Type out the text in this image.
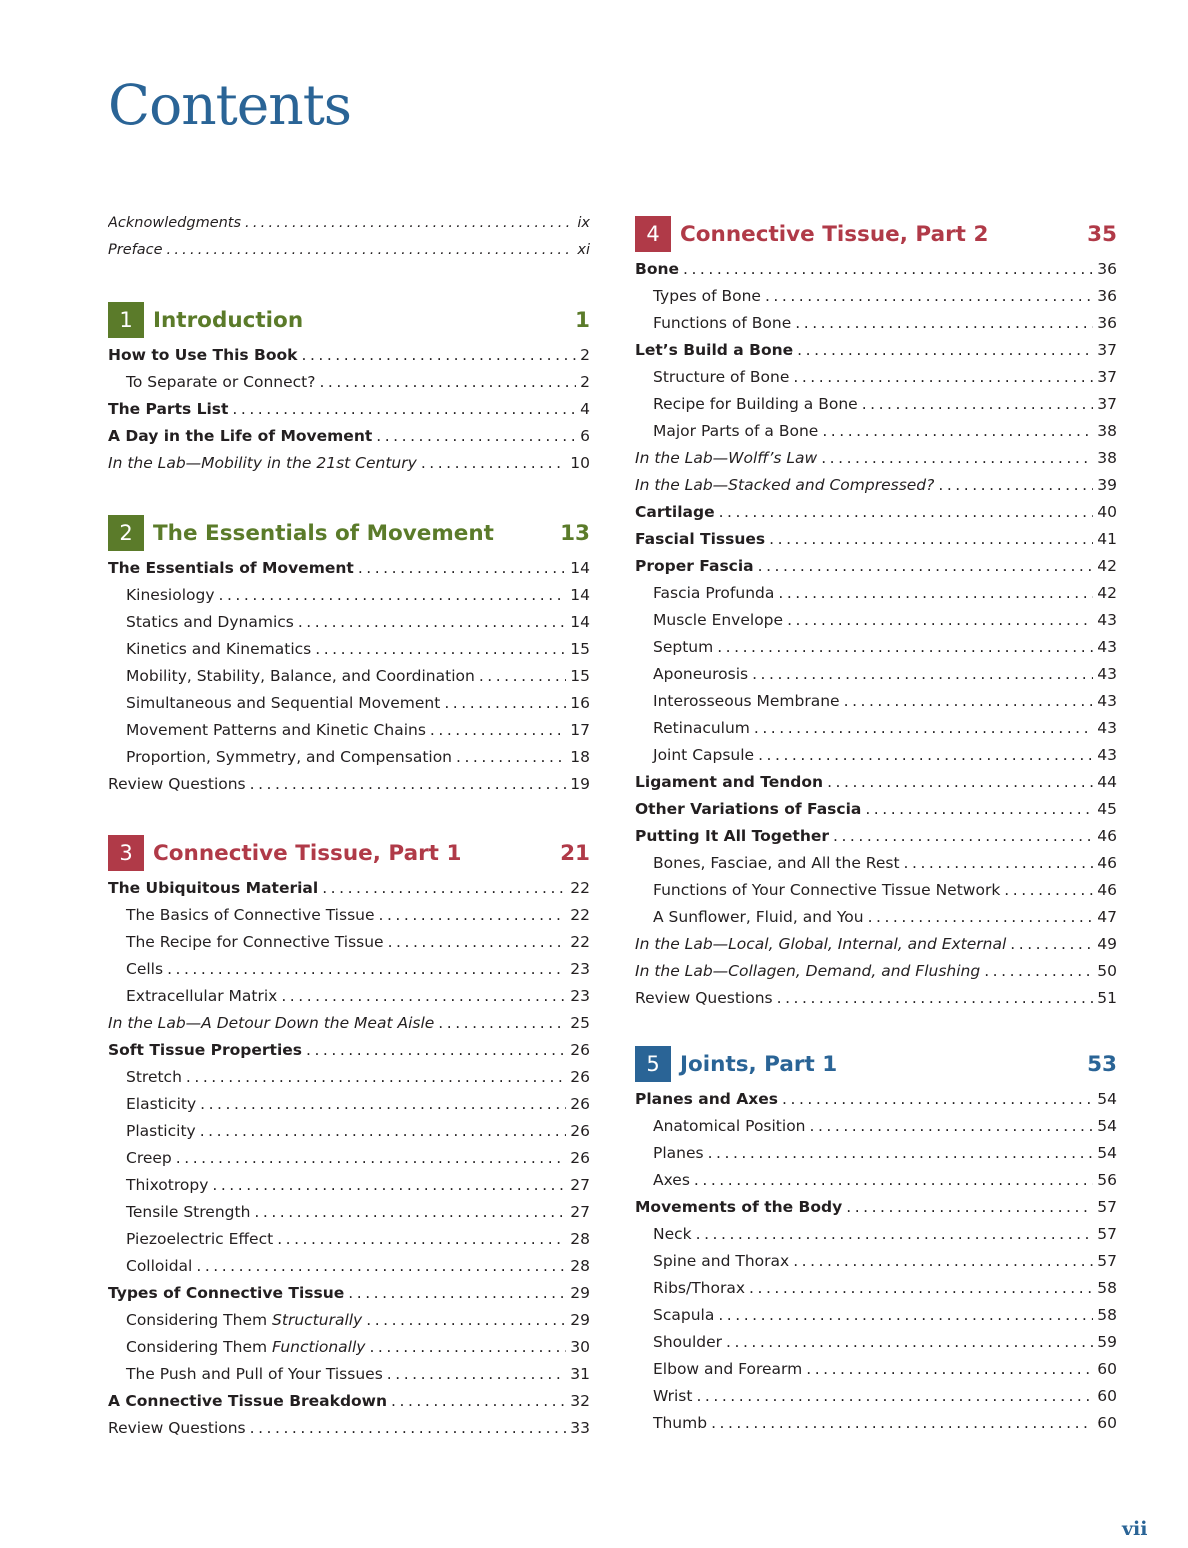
Contents
Acknowledgments . . .	ix
Preface . . .	xi
1 Introduction	1
How to Use This Book . . .	2
To Separate or Connect? . . .	2
The Parts List . . .	4
A Day in the Life of Movement . . .	6
In the Lab—Mobility in the 21st Century . . .	10
2 The Essentials of Movement	13
The Essentials of Movement . . .	14
Kinesiology . . .	14
Statics and Dynamics . . .	14
Kinetics and Kinematics . . .	15
Mobility, Stability, Balance, and Coordination . . .	15
Simultaneous and Sequential Movement . . .	16
Movement Patterns and Kinetic Chains . . .	17
Proportion, Symmetry, and Compensation . . .	18
Review Questions . . .	19
3 Connective Tissue, Part 1	21
The Ubiquitous Material . . .	22
The Basics of Connective Tissue . . .	22
The Recipe for Connective Tissue . . .	22
Cells . . .	23
Extracellular Matrix . . .	23
In the Lab—A Detour Down the Meat Aisle . . .	25
Soft Tissue Properties . . .	26
Stretch . . .	26
Elasticity . . .	26
Plasticity . . .	26
Creep . . .	26
Thixotropy . . .	27
Tensile Strength . . .	27
Piezoelectric Effect . . .	28
Colloidal . . .	28
Types of Connective Tissue . . .	29
Considering Them Structurally . . .	29
Considering Them Functionally . . .	30
The Push and Pull of Your Tissues . . .	31
A Connective Tissue Breakdown . . .	32
Review Questions . . .	33
4 Connective Tissue, Part 2	35
Bone . . .	36
Types of Bone . . .	36
Functions of Bone . . .	36
Let’s Build a Bone . . .	37
Structure of Bone . . .	37
Recipe for Building a Bone . . .	37
Major Parts of a Bone . . .	38
In the Lab—Wolff’s Law . . .	38
In the Lab—Stacked and Compressed? . . .	39
Cartilage . . .	40
Fascial Tissues . . .	41
Proper Fascia . . .	42
Fascia Profunda . . .	42
Muscle Envelope . . .	43
Septum . . .	43
Aponeurosis . . .	43
Interosseous Membrane . . .	43
Retinaculum . . .	43
Joint Capsule . . .	43
Ligament and Tendon . . .	44
Other Variations of Fascia . . .	45
Putting It All Together . . .	46
Bones, Fasciae, and All the Rest . . .	46
Functions of Your Connective Tissue Network . . .	46
A Sunflower, Fluid, and You . . .	47
In the Lab—Local, Global, Internal, and External . . .	49
In the Lab—Collagen, Demand, and Flushing . . .	50
Review Questions . . .	51
5 Joints, Part 1	53
Planes and Axes . . .	54
Anatomical Position . . .	54
Planes . . .	54
Axes . . .	56
Movements of the Body . . .	57
Neck . . .	57
Spine and Thorax . . .	57
Ribs/Thorax . . .	58
Scapula . . .	58
Shoulder . . .	59
Elbow and Forearm . . .	60
Wrist . . .	60
Thumb . . .	60

vii
